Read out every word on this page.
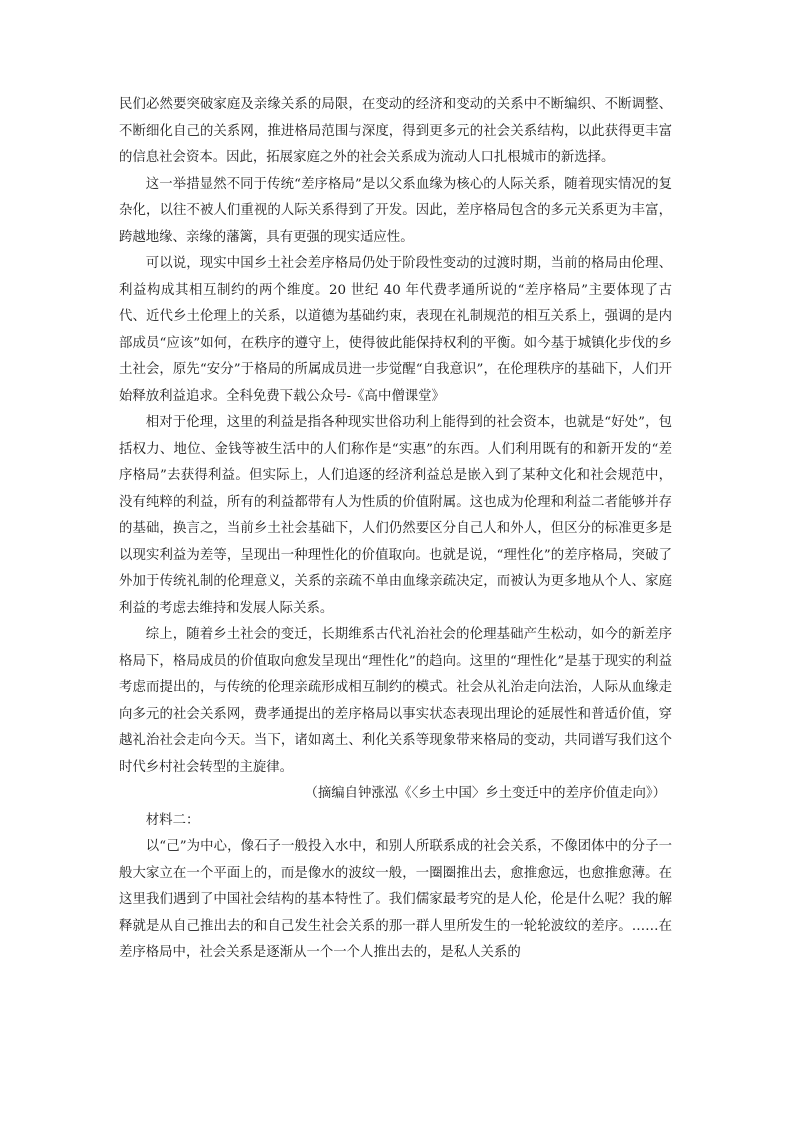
民们必然要突破家庭及亲缘关系的局限，在变动的经济和变动的关系中不断编织、不断调整、不断细化自己的关系网，推进格局范围与深度，得到更多元的社会关系结构，以此获得更丰富的信息社会资本。因此，拓展家庭之外的社会关系成为流动人口扎根城市的新选择。

这一举措显然不同于传统“差序格局”是以父系血缘为核心的人际关系，随着现实情况的复杂化，以往不被人们重视的人际关系得到了开发。因此，差序格局包含的多元关系更为丰富，跨越地缘、亲缘的藩篱，具有更强的现实适应性。

可以说，现实中国乡土社会差序格局仍处于阶段性变动的过渡时期，当前的格局由伦理、利益构成其相互制约的两个维度。20 世纪 40 年代费孝通所说的“差序格局”主要体现了古代、近代乡土伦理上的关系，以道德为基础约束，表现在礼制规范的相互关系上，强调的是内部成员“应该”如何，在秩序的遵守上，使得彼此能保持权利的平衡。如今基于城镇化步伐的乡土社会，原先“安分”于格局的所属成员进一步觉醒“自我意识”，在伦理秩序的基础下，人们开始释放利益追求。全科免费下载公众号-《高中僧课堂》

相对于伦理，这里的利益是指各种现实世俗功利上能得到的社会资本，也就是“好处”，包括权力、地位、金钱等被生活中的人们称作是“实惠”的东西。人们利用既有的和新开发的“差序格局”去获得利益。但实际上，人们追逐的经济利益总是嵌入到了某种文化和社会规范中，没有纯粹的利益，所有的利益都带有人为性质的价值附属。这也成为伦理和利益二者能够并存的基础，换言之，当前乡土社会基础下，人们仍然要区分自己人和外人，但区分的标准更多是以现实利益为差等，呈现出一种理性化的价值取向。也就是说，“理性化”的差序格局，突破了外加于传统礼制的伦理意义，关系的亲疏不单由血缘亲疏决定，而被认为更多地从个人、家庭利益的考虑去维持和发展人际关系。

综上，随着乡土社会的变迁，长期维系古代礼治社会的伦理基础产生松动，如今的新差序格局下，格局成员的价值取向愈发呈现出“理性化”的趋向。这里的“理性化”是基于现实的利益考虑而提出的，与传统的伦理亲疏形成相互制约的模式。社会从礼治走向法治，人际从血缘走向多元的社会关系网，费孝通提出的差序格局以事实状态表现出理论的延展性和普适价值，穿越礼治社会走向今天。当下，诸如离土、利化关系等现象带来格局的变动，共同谱写我们这个时代乡村社会转型的主旋律。

（摘编自钟涨泓《〈乡土中国〉乡土变迁中的差序价值走向》）

材料二：

以“己”为中心，像石子一般投入水中，和别人所联系成的社会关系，不像团体中的分子一般大家立在一个平面上的，而是像水的波纹一般，一圈圈推出去，愈推愈远，也愈推愈薄。在这里我们遇到了中国社会结构的基本特性了。我们儒家最考究的是人伦，伦是什么呢？我的解释就是从自己推出去的和自己发生社会关系的那一群人里所发生的一轮轮波纹的差序。……在差序格局中，社会关系是逐渐从一个一个人推出去的，是私人关系的
